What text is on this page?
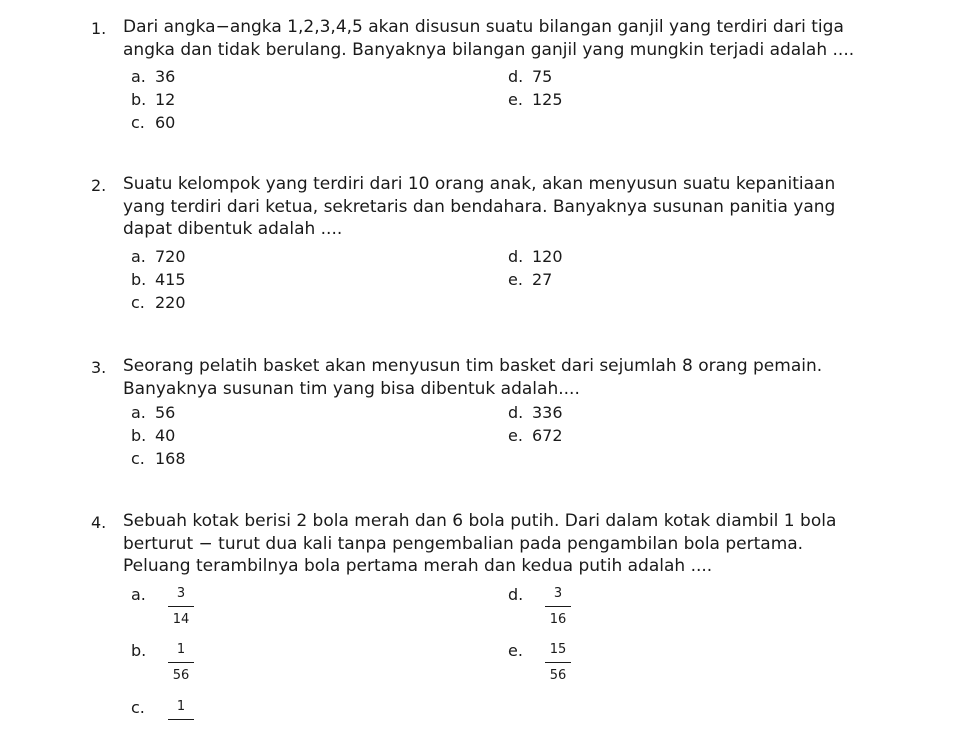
1. Dari angka−angka 1,2,3,4,5 akan disusun suatu bilangan ganjil yang terdiri dari tiga
angka dan tidak berulang. Banyaknya bilangan ganjil yang mungkin terjadi adalah ....
a. 36
b. 12
c. 60
d. 75
e. 125
2. Suatu kelompok yang terdiri dari 10 orang anak, akan menyusun suatu kepanitiaan
yang terdiri dari ketua, sekretaris dan bendahara. Banyaknya susunan panitia yang
dapat dibentuk adalah ....
a. 720
b. 415
c. 220
d. 120
e. 27
3. Seorang pelatih basket akan menyusun tim basket dari sejumlah 8 orang pemain.
Banyaknya susunan tim yang bisa dibentuk adalah....
a. 56
b. 40
c. 168
d. 336
e. 672
4. Sebuah kotak berisi 2 bola merah dan 6 bola putih. Dari dalam kotak diambil 1 bola
berturut − turut dua kali tanpa pengembalian pada pengambilan bola pertama.
Peluang terambilnya bola pertama merah dan kedua putih adalah ....
a.	3
14
b.	1
56
c.	1
d.	3
16
e.	15
56
